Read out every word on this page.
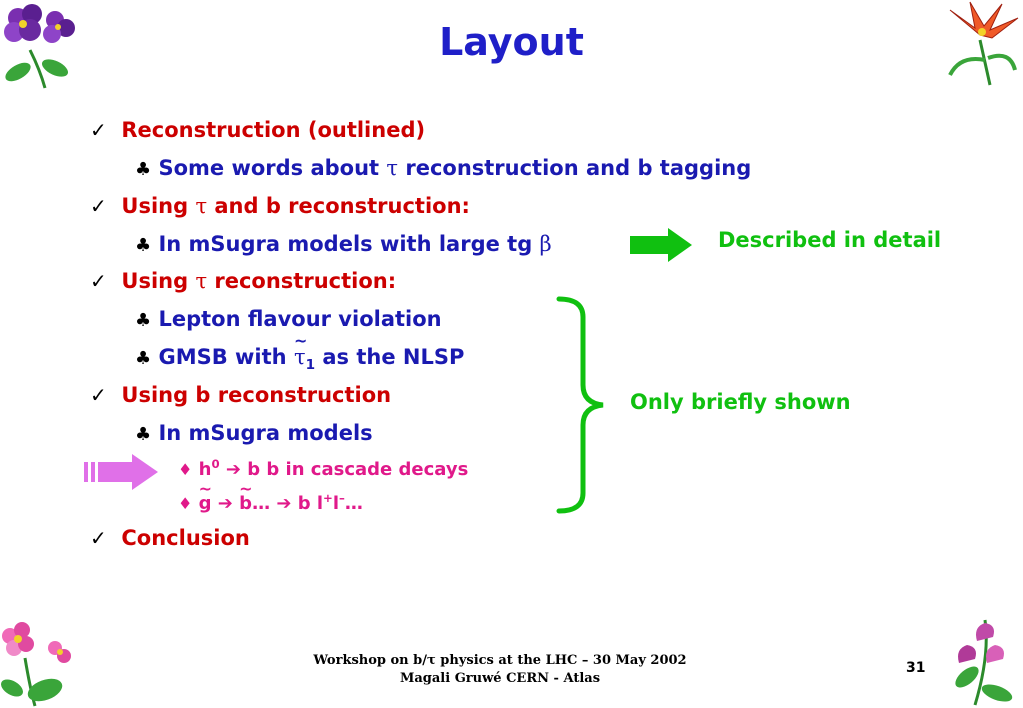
Layout
✓ Reconstruction (outlined)
♣ Some words about τ reconstruction and b tagging
✓ Using τ and b reconstruction:
♣ In mSugra models with large tg β	Described in detail
✓ Using τ reconstruction:
♣ Lepton flavour violation
♣ GMSB with
~
$\tau_1$ as the NLSP
✓ Using b reconstruction
♣ In mSugra models
♦ $h^0$ ➔ b b in cascade decays
♦
~
g ➔
~
b… ➔ b l+l–…
✓ Conclusion
Only briefly shown
Workshop on b/τ physics at the LHC – 30 May 2002
Magali Gruwé CERN - Atlas
31
